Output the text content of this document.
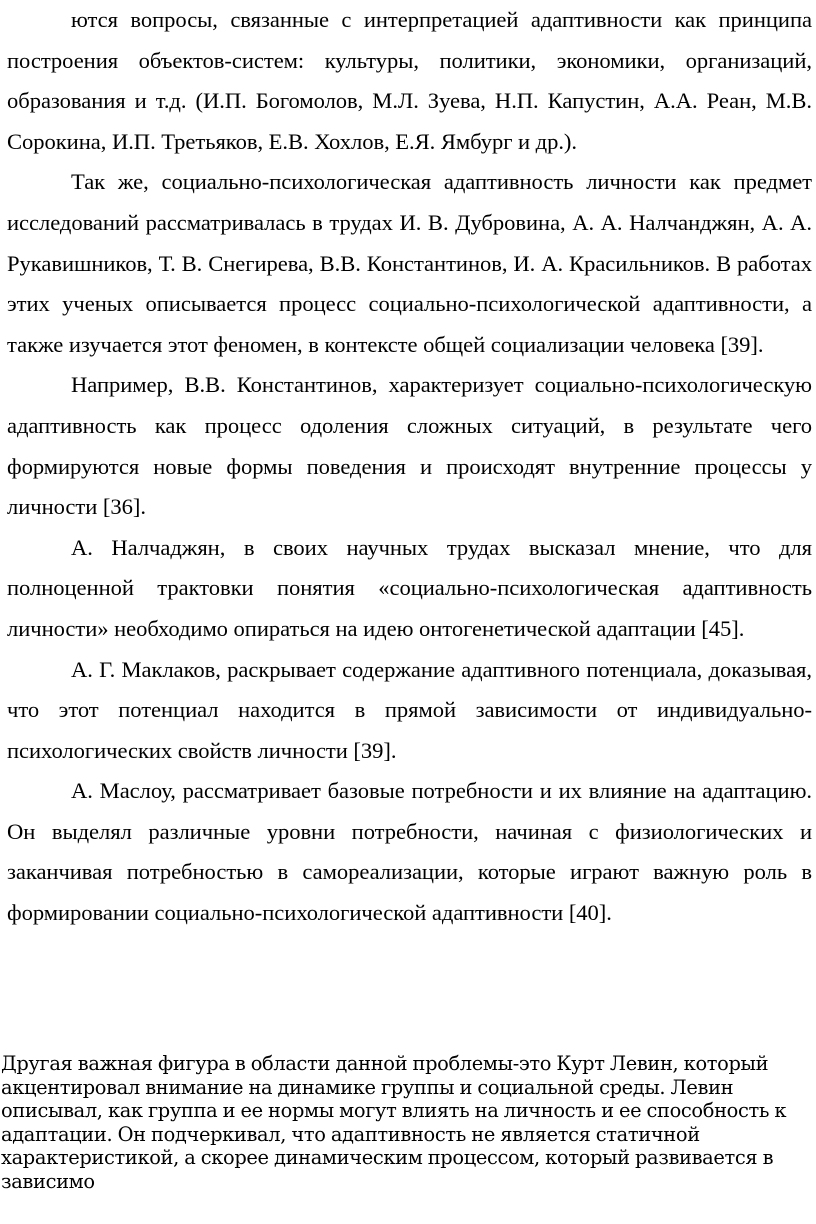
ются вопросы, связанные с интерпретацией адаптивности как принципа построения объектов-систем: культуры, политики, экономики, организаций, образования и т.д. (И.П. Богомолов, М.Л. Зуева, Н.П. Капустин, А.А. Реан, М.В. Сорокина, И.П. Третьяков, Е.В. Хохлов, Е.Я. Ямбург и др.).

Так же, социально-психологическая адаптивность личности как предмет исследований рассматривалась в трудах И. В. Дубровина, А. А. Налчанджян, А. А. Рукавишников, Т. В. Снегирева, В.В. Константинов, И. А. Красильников. В работах этих ученых описывается процесс социально-психологической адаптивности, а также изучается этот феномен, в контексте общей социализации человека [39].

Например, В.В. Константинов, характеризует социально-психологическую адаптивность как процесс одоления сложных ситуаций, в результате чего формируются новые формы поведения и происходят внутренние процессы у личности [36].

А. Налчаджян, в своих научных трудах высказал мнение, что для полноценной трактовки понятия «социально-психологическая адаптивность личности» необходимо опираться на идею онтогенетической адаптации [45].

А. Г. Маклаков, раскрывает содержание адаптивного потенциала, доказывая, что этот потенциал находится в прямой зависимости от индивидуально-психологических свойств личности [39].

А. Маслоу, рассматривает базовые потребности и их влияние на адаптацию. Он выделял различные уровни потребности, начиная с физиологических и заканчивая потребностью в самореализации, которые играют важную роль в формировании социально-психологической адаптивности [40].

Другая важная фигура в области данной проблемы-это Курт Левин, который акцентировал внимание на динамике группы и социальной среды. Левин описывал, как группа и ее нормы могут влиять на личность и ее способность к адаптации. Он подчеркивал, что адаптивность не является статичной характеристикой, а скорее динамическим процессом, который развивается в зависимо
